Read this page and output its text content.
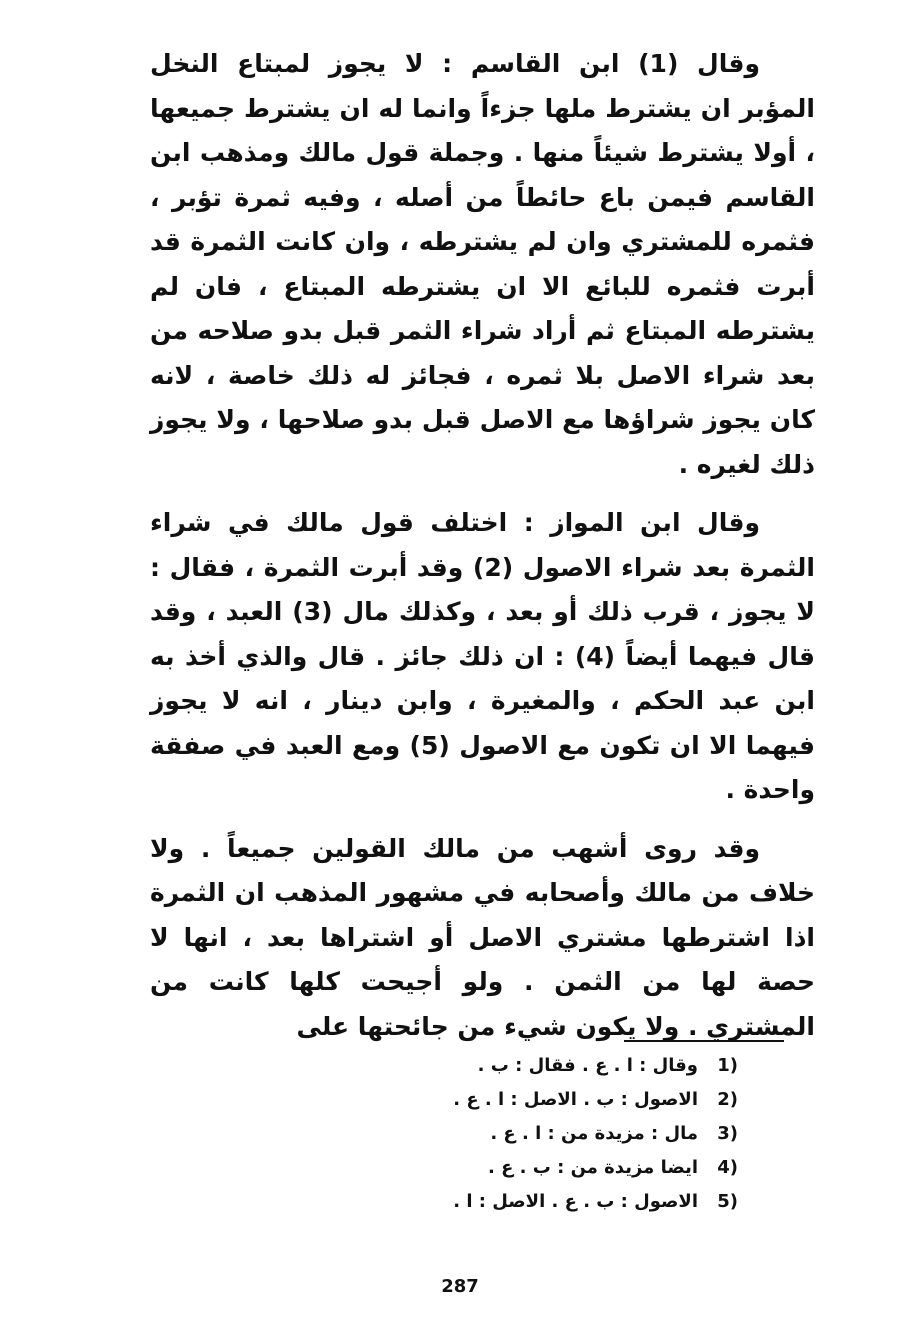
وقال (1) ابن القاسم : لا يجوز لمبتاع النخل المؤبر ان يشترط ملها جزءاً وانما له ان يشترط جميعها ، أولا يشترط شيئاً منها . وجملة قول مالك ومذهب ابن القاسم فيمن باع حائطاً من أصله ، وفيه ثمرة تؤبر ، فثمره للمشتري وان لم يشترطه ، وان كانت الثمرة قد أبرت فثمره للبائع الا ان يشترطه المبتاع ، فان لم يشترطه المبتاع ثم أراد شراء الثمر قبل بدو صلاحه من بعد شراء الاصل بلا ثمره ، فجائز له ذلك خاصة ، لانه كان يجوز شراؤها مع الاصل قبل بدو صلاحها ، ولا يجوز ذلك لغيره .

وقال ابن المواز : اختلف قول مالك في شراء الثمرة بعد شراء الاصول (2) وقد أبرت الثمرة ، فقال : لا يجوز ، قرب ذلك أو بعد ، وكذلك مال (3) العبد ، وقد قال فيهما أيضاً (4) : ان ذلك جائز . قال والذي أخذ به ابن عبد الحكم ، والمغيرة ، وابن دينار ، انه لا يجوز فيهما الا ان تكون مع الاصول (5) ومع العبد في صفقة واحدة .

وقد روى أشهب من مالك القولين جميعاً . ولا خلاف من مالك وأصحابه في مشهور المذهب ان الثمرة اذا اشترطها مشتري الاصل أو اشتراها بعد ، انها لا حصة لها من الثمن . ولو أجيحت كلها كانت من المشتري . ولا يكون شيء من جائحتها على

1)
وقال : ا . ع . فقال : ب .
2)
الاصول : ب . الاصل : ا . ع .
3)
مال : مزيدة من : ا . ع .
4)
ايضا مزيدة من : ب . ع .
5)
الاصول : ب . ع . الاصل : ا .
287
